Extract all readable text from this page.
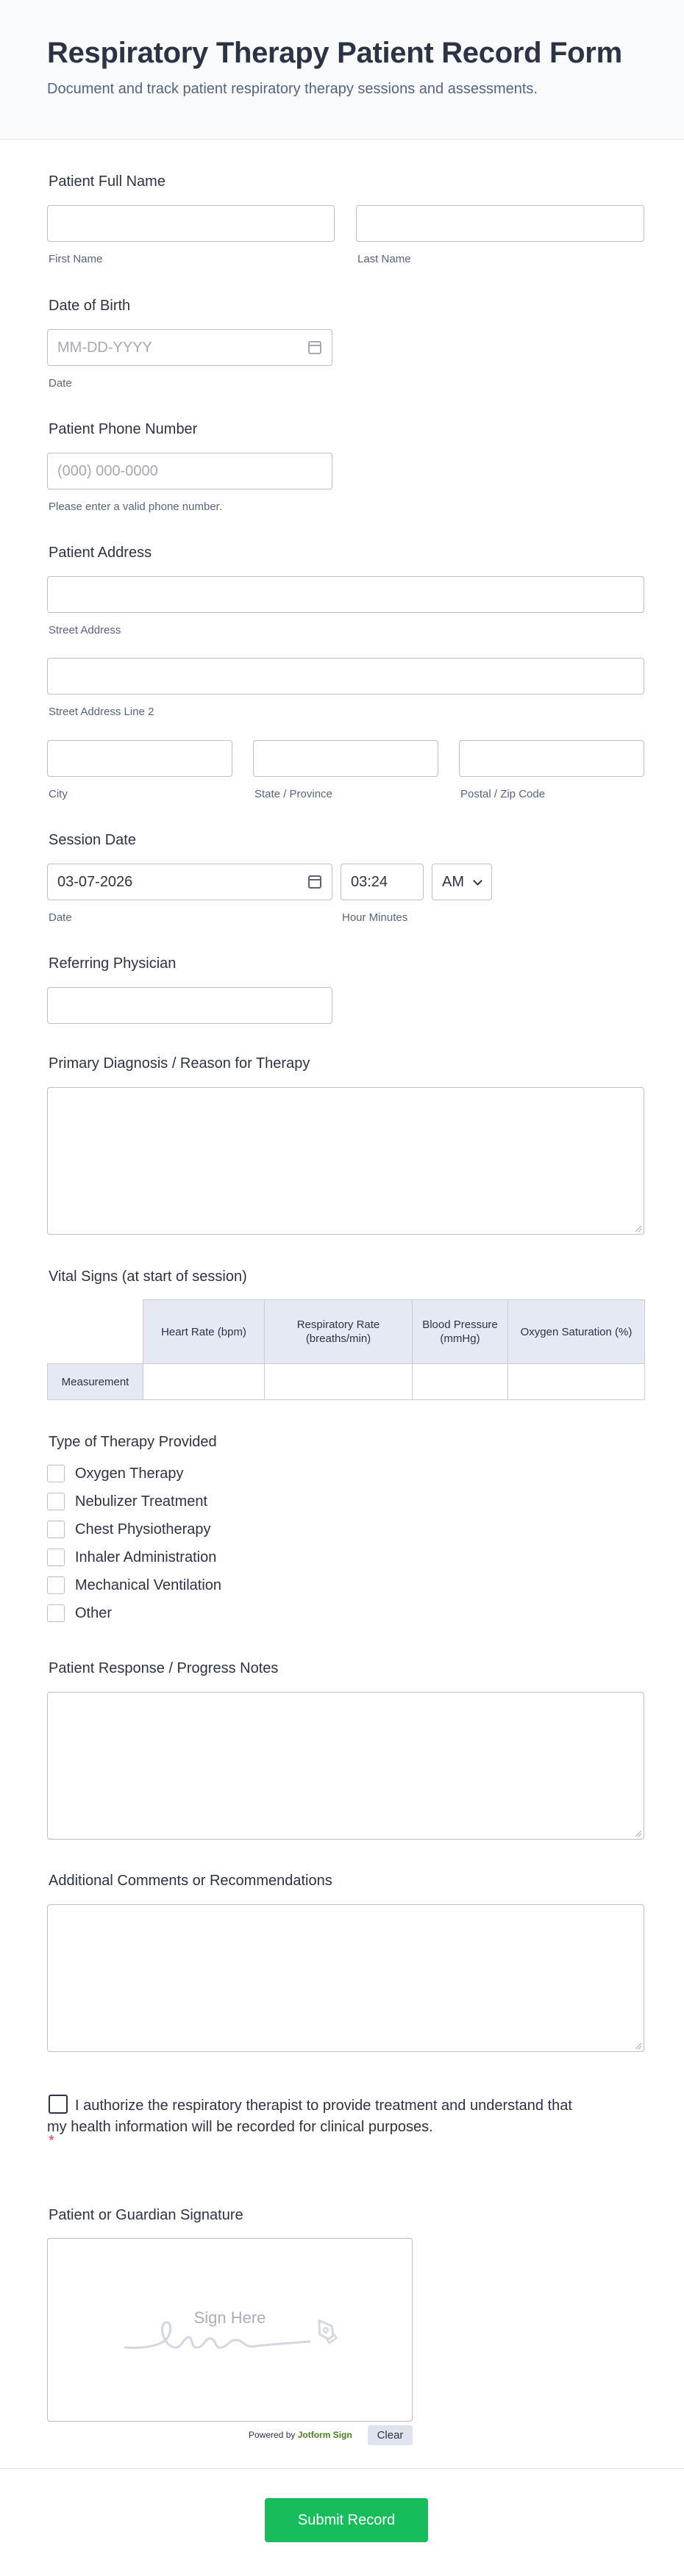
Respiratory Therapy Patient Record Form

Document and track patient respiratory therapy sessions and assessments.

Patient Full Name
First Name	Last Name
Date of Birth
MM-DD-YYYY
Date
Patient Phone Number
(000) 000-0000
Please enter a valid phone number.
Patient Address
Street Address
Street Address Line 2
City	State / Province	Postal / Zip Code
Session Date
03-07-2026	03:24	AM
Date	Hour Minutes
Referring Physician
Primary Diagnosis / Reason for Therapy
Vital Signs (at start of session)
	Heart Rate (bpm)	Respiratory Rate (breaths/min)	Blood Pressure (mmHg)	Oxygen Saturation (%)
Measurement				
Type of Therapy Provided
Oxygen Therapy
Nebulizer Treatment
Chest Physiotherapy
Inhaler Administration
Mechanical Ventilation
Other
Patient Response / Progress Notes
Additional Comments or Recommendations
I authorize the respiratory therapist to provide treatment and understand that my health information will be recorded for clinical purposes.
*
Patient or Guardian Signature
Sign Here
Powered by Jotform Sign	Clear
Submit Record
